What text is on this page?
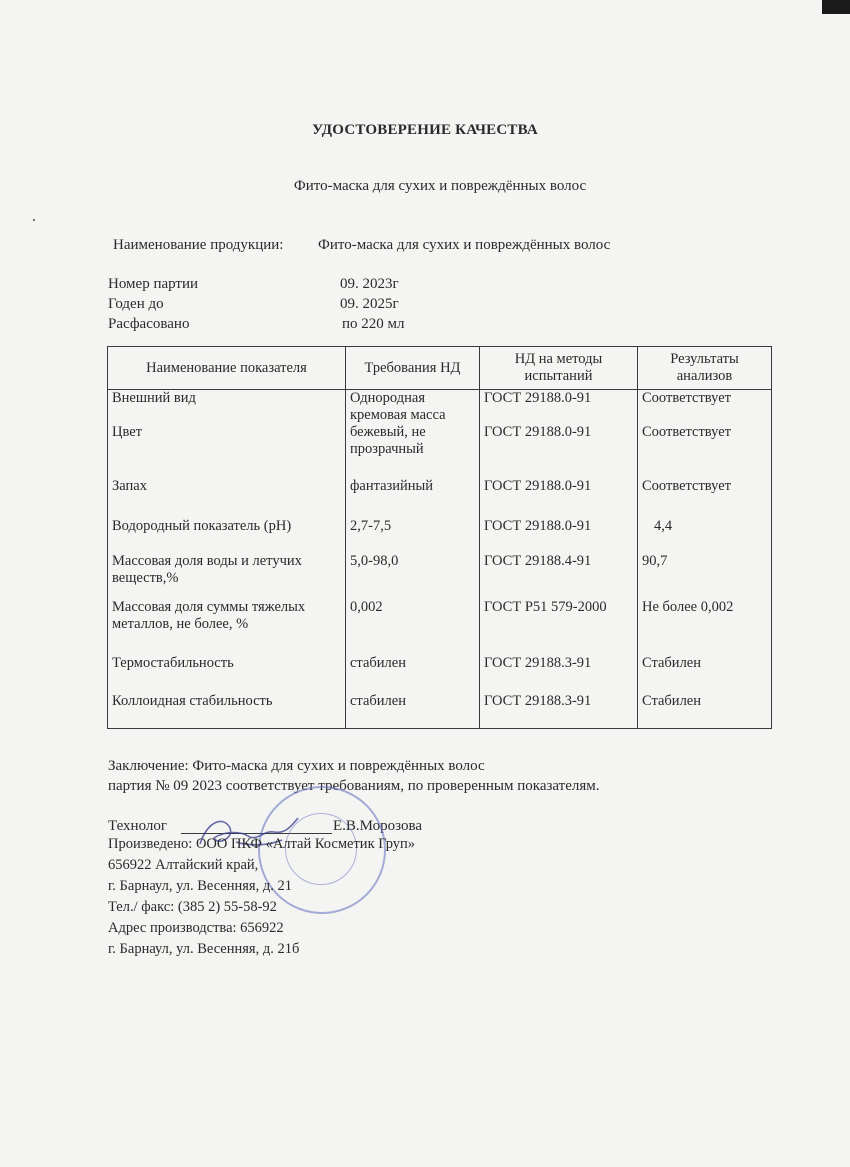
УДОСТОВЕРЕНИЕ КАЧЕСТВА
Фито-маска для сухих и повреждённых волос
Наименование продукции: Фито-маска для сухих и повреждённых волос
Номер партии	09. 2023г
Годен до	09. 2025г
Расфасовано	по 220 мл
Наименование показателя	Требования НД	НД на методы испытаний	Результаты анализов
Внешний вид	Однородная кремовая масса	ГОСТ 29188.0-91	Соответствует
Цвет	бежевый, не прозрачный	ГОСТ 29188.0-91	Соответствует
Запах	фантазийный	ГОСТ 29188.0-91	Соответствует
Водородный показатель (pH)	2,7-7,5	ГОСТ 29188.0-91	4,4
Массовая доля воды и летучих веществ,%	5,0-98,0	ГОСТ 29188.4-91	90,7
Массовая доля суммы тяжелых металлов, не более, %	0,002	ГОСТ Р51 579-2000	Не более 0,002
Термостабильность	стабилен	ГОСТ 29188.3-91	Стабилен
Коллоидная стабильность	стабилен	ГОСТ 29188.3-91	Стабилен
Заключение: Фито-маска для сухих и повреждённых волос
партия № 09 2023 соответствует требованиям, по проверенным показателям.
Технолог	Е.В.Морозова
Произведено: ООО ПКФ «Алтай Косметик Груп»
656922 Алтайский край,
г. Барнаул, ул. Весенняя, д. 21
Тел./ факс: (385 2) 55-58-92
Адрес производства: 656922
г. Барнаул, ул. Весенняя, д. 21б
